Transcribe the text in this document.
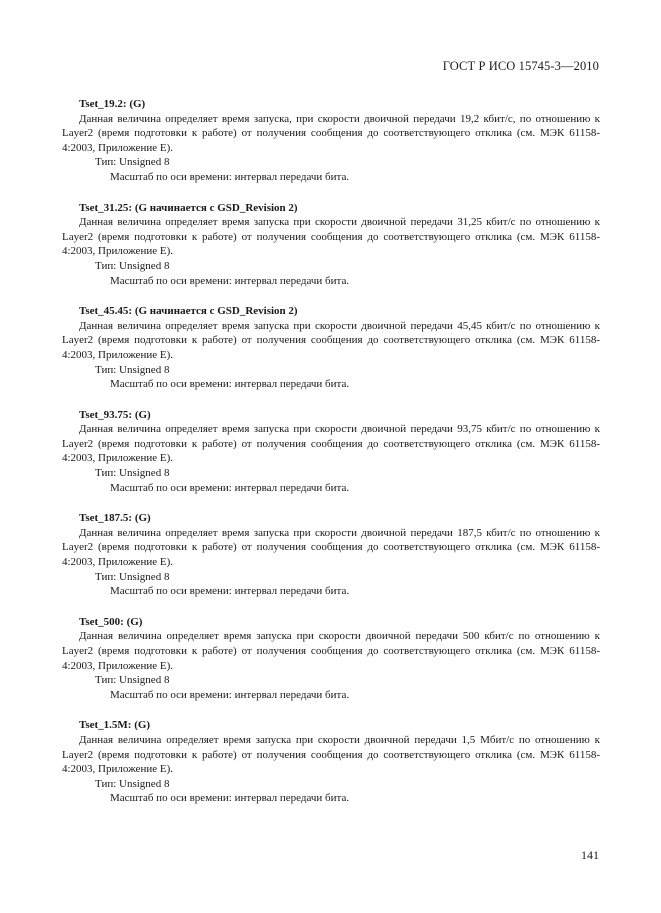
ГОСТ Р ИСО 15745-3—2010
Tset_19.2: (G)

Данная величина определяет время запуска, при скорости двоичной передачи 19,2 кбит/с, по отношению к Layer2 (время подготовки к работе) от получения сообщения до соответствующего отклика (см. МЭК 61158-4:2003, Приложение E).

Тип: Unsigned 8
Масштаб по оси времени: интервал передачи бита.
Tset_31.25: (G начинается с GSD_Revision 2)

Данная величина определяет время запуска при скорости двоичной передачи 31,25 кбит/с по отношению к Layer2 (время подготовки к работе) от получения сообщения до соответствующего отклика (см. МЭК 61158-4:2003, Приложение E).

Тип: Unsigned 8
Масштаб по оси времени: интервал передачи бита.
Tset_45.45: (G начинается с GSD_Revision 2)

Данная величина определяет время запуска при скорости двоичной передачи 45,45 кбит/с по отношению к Layer2 (время подготовки к работе) от получения сообщения до соответствующего отклика (см. МЭК 61158-4:2003, Приложение E).

Тип: Unsigned 8
Масштаб по оси времени: интервал передачи бита.
Tset_93.75: (G)

Данная величина определяет время запуска при скорости двоичной передачи 93,75 кбит/с по отношению к Layer2 (время подготовки к работе) от получения сообщения до соответствующего отклика (см. МЭК 61158-4:2003, Приложение E).

Тип: Unsigned 8
Масштаб по оси времени: интервал передачи бита.
Tset_187.5: (G)

Данная величина определяет время запуска при скорости двоичной передачи 187,5 кбит/с по отношению к Layer2 (время подготовки к работе) от получения сообщения до соответствующего отклика (см. МЭК 61158-4:2003, Приложение E).

Тип: Unsigned 8
Масштаб по оси времени: интервал передачи бита.
Tset_500: (G)

Данная величина определяет время запуска при скорости двоичной передачи 500 кбит/с по отношению к Layer2 (время подготовки к работе) от получения сообщения до соответствующего отклика (см. МЭК 61158-4:2003, Приложение E).

Тип: Unsigned 8
Масштаб по оси времени: интервал передачи бита.
Tset_1.5M: (G)

Данная величина определяет время запуска при скорости двоичной передачи 1,5 Мбит/с по отношению к Layer2 (время подготовки к работе) от получения сообщения до соответствующего отклика (см. МЭК 61158-4:2003, Приложение E).

Тип: Unsigned 8
Масштаб по оси времени: интервал передачи бита.
141
